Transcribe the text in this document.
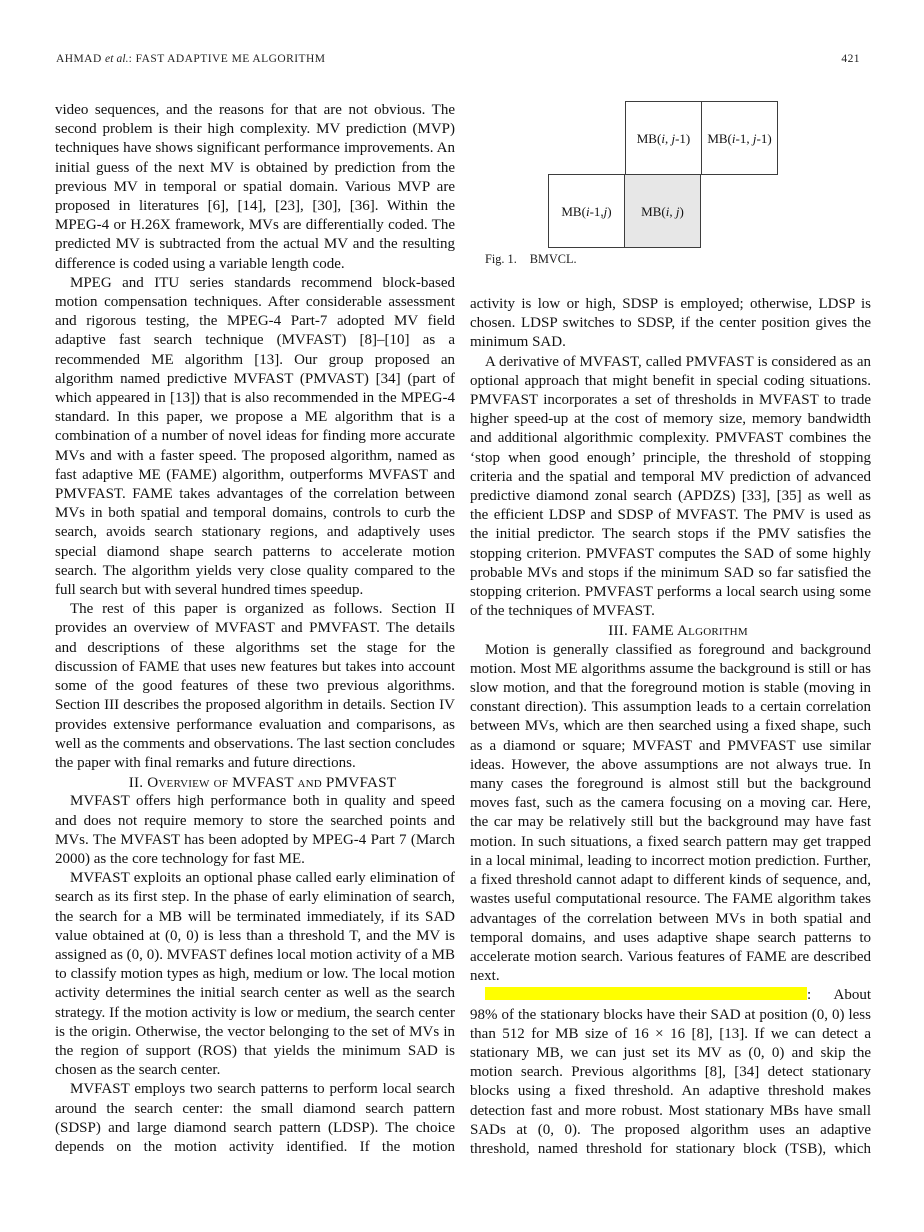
AHMAD et al.: FAST ADAPTIVE ME ALGORITHM	421

video sequences, and the reasons for that are not obvious. The second problem is their high complexity. MV prediction (MVP) techniques have shows significant performance improvements. An initial guess of the next MV is obtained by prediction from the previous MV in temporal or spatial domain. Various MVP are proposed in literatures [6], [14], [23], [30], [36]. Within the MPEG-4 or H.26X framework, MVs are differentially coded. The predicted MV is subtracted from the actual MV and the resulting difference is coded using a variable length code.

MPEG and ITU series standards recommend block-based motion compensation techniques. After considerable assessment and rigorous testing, the MPEG-4 Part-7 adopted MV field adaptive fast search technique (MVFAST) [8]–[10] as a recommended ME algorithm [13]. Our group proposed an algorithm named predictive MVFAST (PMVAST) [34] (part of which appeared in [13]) that is also recommended in the MPEG-4 standard. In this paper, we propose a ME algorithm that is a combination of a number of novel ideas for finding more accurate MVs and with a faster speed. The proposed algorithm, named as fast adaptive ME (FAME) algorithm, outperforms MVFAST and PMVFAST. FAME takes advantages of the correlation between MVs in both spatial and temporal domains, controls to curb the search, avoids search stationary regions, and adaptively uses special diamond shape search patterns to accelerate motion search. The algorithm yields very close quality compared to the full search but with several hundred times speedup.

The rest of this paper is organized as follows. Section II provides an overview of MVFAST and PMVFAST. The details and descriptions of these algorithms set the stage for the discussion of FAME that uses new features but takes into account some of the good features of these two previous algorithms. Section III describes the proposed algorithm in details. Section IV provides extensive performance evaluation and comparisons, as well as the comments and observations. The last section concludes the paper with final remarks and future directions.

II. Overview of MVFAST and PMVFAST

MVFAST offers high performance both in quality and speed and does not require memory to store the searched points and MVs. The MVFAST has been adopted by MPEG-4 Part 7 (March 2000) as the core technology for fast ME.

MVFAST exploits an optional phase called early elimination of search as its first step. In the phase of early elimination of search, the search for a MB will be terminated immediately, if its SAD value obtained at (0, 0) is less than a threshold T, and the MV is assigned as (0, 0). MVFAST defines local motion activity of a MB to classify motion types as high, medium or low. The local motion activity determines the initial search center as well as the search strategy. If the motion activity is low or medium, the search center is the origin. Otherwise, the vector belonging to the set of MVs in the region of support (ROS) that yields the minimum SAD is chosen as the search center.

MVFAST employs two search patterns to perform local search around the search center: the small diamond search pattern (SDSP) and large diamond search pattern (LDSP). The choice depends on the motion activity identified. If the motion

MB(i, j-1) MB(i-1, j-1)
MB(i-1,j) MB(i, j)

Fig. 1. BMVCL.

activity is low or high, SDSP is employed; otherwise, LDSP is chosen. LDSP switches to SDSP, if the center position gives the minimum SAD.

A derivative of MVFAST, called PMVFAST is considered as an optional approach that might benefit in special coding situations. PMVFAST incorporates a set of thresholds in MVFAST to trade higher speed-up at the cost of memory size, memory bandwidth and additional algorithmic complexity. PMVFAST combines the ‘stop when good enough’ principle, the threshold of stopping criteria and the spatial and temporal MV prediction of advanced predictive diamond zonal search (APDZS) [33], [35] as well as the efficient LDSP and SDSP of MVFAST. The PMV is used as the initial predictor. The search stops if the PMV satisfies the stopping criterion. PMVFAST computes the SAD of some highly probable MVs and stops if the minimum SAD so far satisfied the stopping criterion. PMVFAST performs a local search using some of the techniques of MVFAST.

III. FAME Algorithm

Motion is generally classified as foreground and background motion. Most ME algorithms assume the background is still or has slow motion, and that the foreground motion is stable (moving in constant direction). This assumption leads to a certain correlation between MVs, which are then searched using a fixed shape, such as a diamond or square; MVFAST and PMVFAST use similar ideas. However, the above assumptions are not always true. In many cases the foreground is almost still but the background moves fast, such as the camera focusing on a moving car. Here, the car may be relatively still but the background may have fast motion. In such situations, a fixed search pattern may get trapped in a local minimal, leading to incorrect motion prediction. Further, a fixed threshold cannot adapt to different kinds of sequence, and, wastes useful computational resource. The FAME algorithm takes advantages of the correlation between MVs in both spatial and temporal domains, and uses adaptive shape search patterns to accelerate motion search. Various features of FAME are described next.

: About 98% of the stationary blocks have their SAD at position (0, 0) less than 512 for MB size of 16 × 16 [8], [13]. If we can detect a stationary MB, we can just set its MV as (0, 0) and skip the motion search. Previous algorithms [8], [34] detect stationary blocks using a fixed threshold. An adaptive threshold makes detection fast and more robust. Most stationary MBs have small SADs at (0, 0). The proposed algorithm uses an adaptive threshold, named threshold for stationary block (TSB), which
